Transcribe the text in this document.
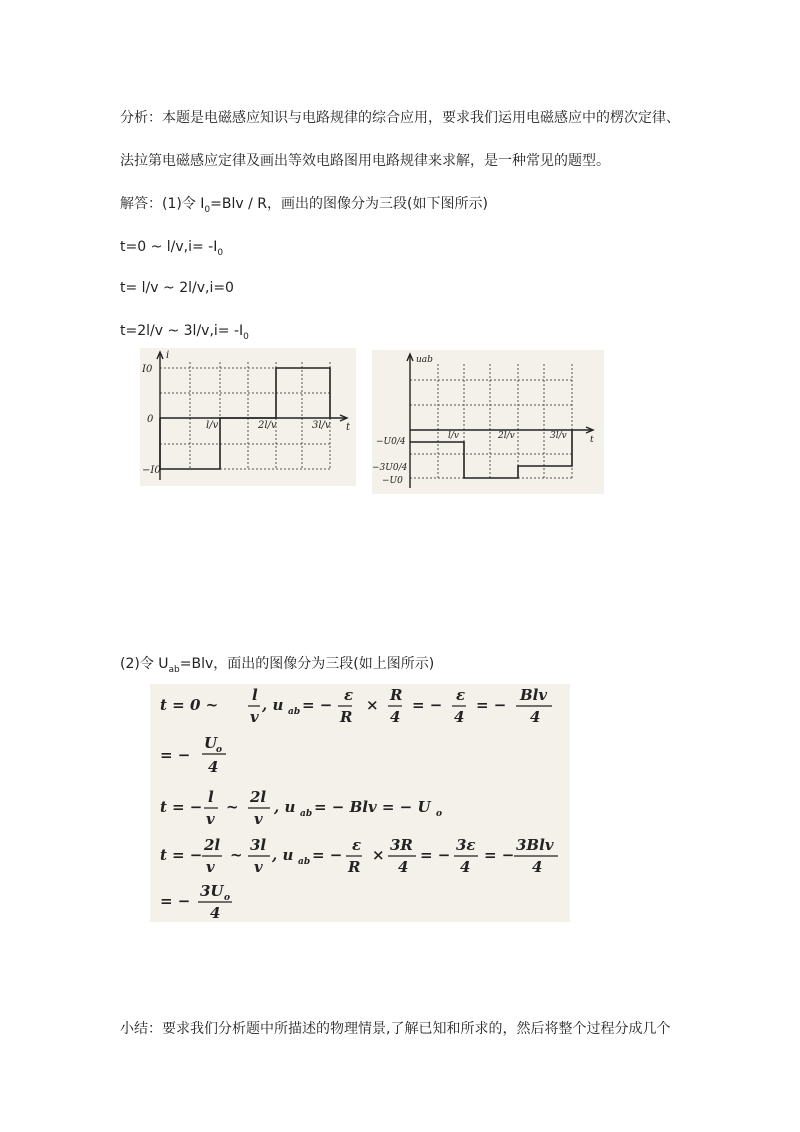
分析：本题是电磁感应知识与电路规律的综合应用，要求我们运用电磁感应中的楞次定律、
法拉第电磁感应定律及画出等效电路图用电路规律来求解，是一种常见的题型。
解答：(1)令 $I_0=Blv / R$，画出的图像分为三段(如下图所示)
t=0 ~ $l/v,i= -I_0$
t= l/v ~ 2l/v,i=0
t=2l/v ~ $3l/v,i= -I_0$
i
t
I0
−I0
0
l/v	2l/v	3l/v
uab
t
−U0/4
−3U0/4
−U0
l/v	2l/v	3l/v
(2)令 $U_{ab}=Blv$，面出的图像分为三段(如上图所示)
t = 0 ~
l
v
, u ab = −
ε
R
×
R
4
= −
ε
4
= −
Blv
4
= −
U
o
4
t = −
l
v
~
2l
v
, u ab = − Blv = − U o
t = −
2l
v
~
3l
v
, u ab = −
ε
R
×
3R
4
= −
3ε
4
= −
3Blv
4
= −
3U o
4
小结：要求我们分析题中所描述的物理情景,了解已知和所求的，然后将整个过程分成几个
